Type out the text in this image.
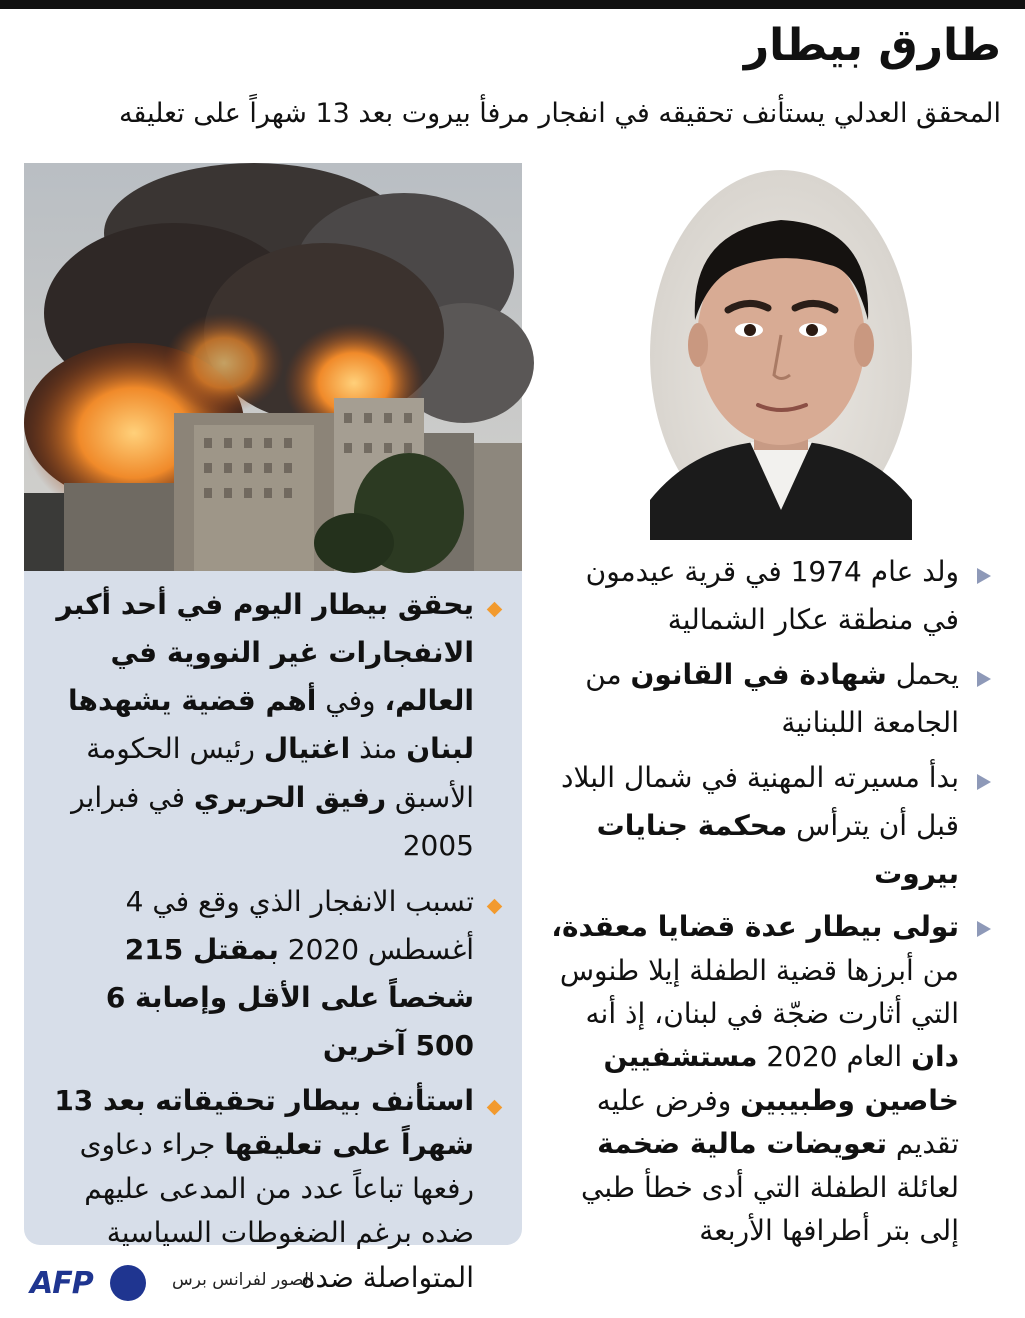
طارق بيطار

المحقق العدلي يستأنف تحقيقه في انفجار مرفأ بيروت بعد 13 شهراً على تعليقه

ولد عام 1974 في قرية عيدمون في منطقة عكار الشمالية
يحمل شهادة في القانون من الجامعة اللبنانية
بدأ مسيرته المهنية في شمال البلاد قبل أن يترأس محكمة جنايات بيروت
تولى بيطار عدة قضايا معقدة، من أبرزها قضية الطفلة إيلا طنوس التي أثارت ضجّة في لبنان، إذ أنه دان العام 2020 مستشفيين خاصين وطبيبين وفرض عليه تقديم تعويضات مالية ضخمة لعائلة الطفلة التي أدى خطأ طبي إلى بتر أطرافها الأربعة
يحقق بيطار اليوم في أحد أكبر الانفجارات غير النووية في العالم، وفي أهم قضية يشهدها لبنان منذ اغتيال رئيس الحكومة الأسبق رفيق الحريري في فبراير 2005
تسبب الانفجار الذي وقع في 4 أغسطس 2020 بمقتل 215 شخصاً على الأقل وإصابة 6 500 آخرين
استأنف بيطار تحقيقاته بعد 13 شهراً على تعليقها جراء دعاوى رفعها تباعاً عدد من المدعى عليهم ضده برغم الضغوطات السياسية المتواصلة ضده
الصور لفرانس برس
AFP
